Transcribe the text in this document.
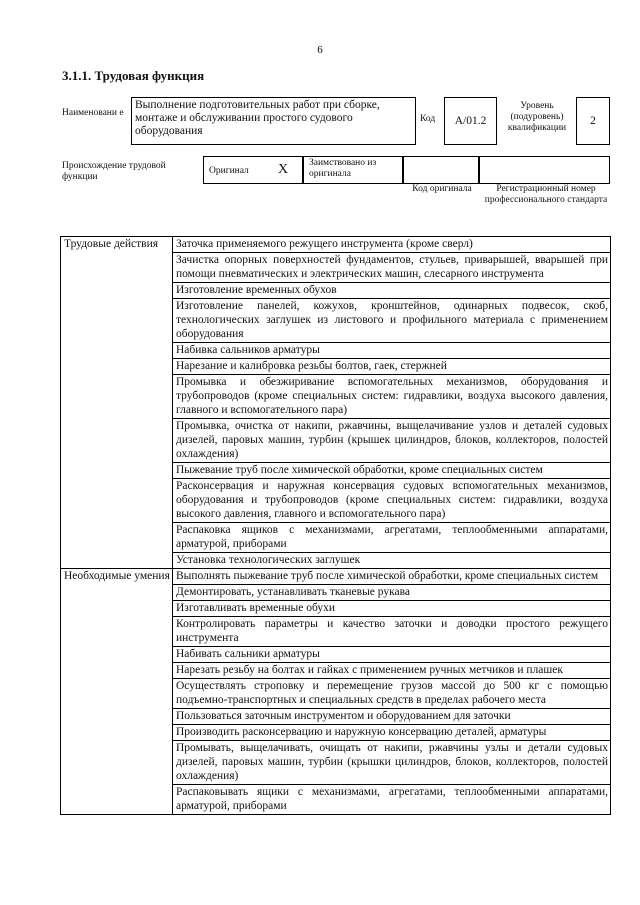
6
3.1.1. Трудовая функция
Наименовани е
Выполнение подготовительных работ при сборке, монтаже и обслуживании простого судового оборудования
Код	А/01.2
Уровень (подуровень) квалификации
2
Происхождение трудовой функции
Оригинал X Заимствовано из оригинала
Код оригинала	Регистрационный номер профессионального стандарта
Трудовые действия	Заточка применяемого режущего инструмента (кроме сверл)
	Зачистка опорных поверхностей фундаментов, стульев, приварышей, вварышей при помощи пневматических и электрических машин, слесарного инструмента
	Изготовление временных обухов
	Изготовление панелей, кожухов, кронштейнов, одинарных подвесок, скоб, технологических заглушек из листового и профильного материала с применением оборудования
	Набивка сальников арматуры
	Нарезание и калибровка резьбы болтов, гаек, стержней
	Промывка и обезжиривание вспомогательных механизмов, оборудования и трубопроводов (кроме специальных систем: гидравлики, воздуха высокого давления, главного и вспомогательного пара)
	Промывка, очистка от накипи, ржавчины, выщелачивание узлов и деталей судовых дизелей, паровых машин, турбин (крышек цилиндров, блоков, коллекторов, полостей охлаждения)
	Пыжевание труб после химической обработки, кроме специальных систем
	Расконсервация и наружная консервация судовых вспомогательных механизмов, оборудования и трубопроводов (кроме специальных систем: гидравлики, воздуха высокого давления, главного и вспомогательного пара)
	Распаковка ящиков с механизмами, агрегатами, теплообменными аппаратами, арматурой, приборами
	Установка технологических заглушек
Необходимые умения	Выполнять пыжевание труб после химической обработки, кроме специальных систем
	Демонтировать, устанавливать тканевые рукава
	Изготавливать временные обухи
	Контролировать параметры и качество заточки и доводки простого режущего инструмента
	Набивать сальники арматуры
	Нарезать резьбу на болтах и гайках с применением ручных метчиков и плашек
	Осуществлять строповку и перемещение грузов массой до 500 кг с помощью подъемно-транспортных и специальных средств в пределах рабочего места
	Пользоваться заточным инструментом и оборудованием для заточки
	Производить расконсервацию и наружную консервацию деталей, арматуры
	Промывать, выщелачивать, очищать от накипи, ржавчины узлы и детали судовых дизелей, паровых машин, турбин (крышки цилиндров, блоков, коллекторов, полостей охлаждения)
	Распаковывать ящики с механизмами, агрегатами, теплообменными аппаратами, арматурой, приборами
